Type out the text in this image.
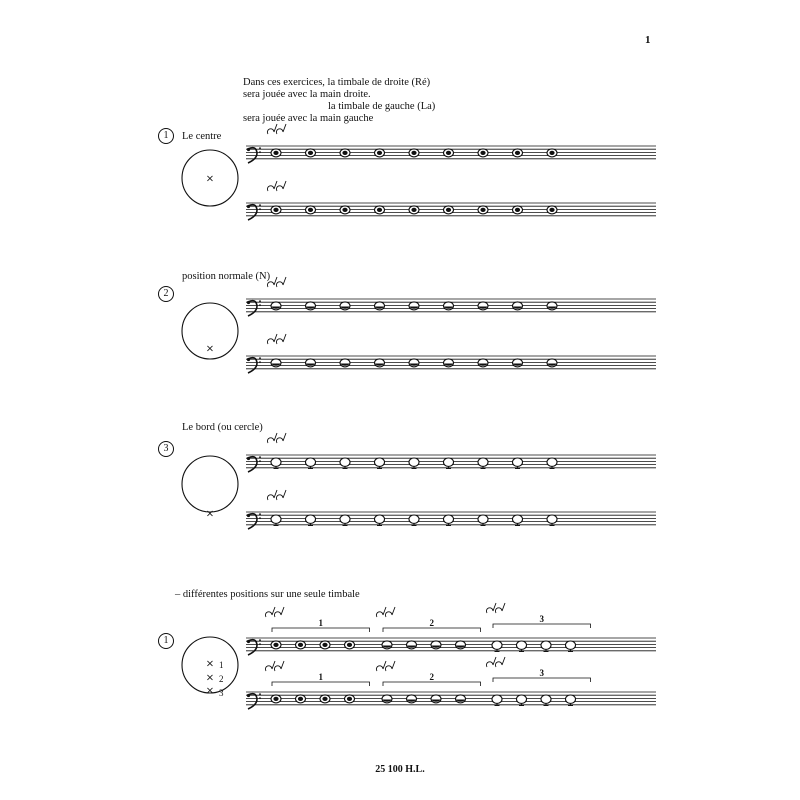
1
Dans ces exercices, la timbale de droite (Ré)
sera jouée avec la main droite.
la timbale de gauche (La)
sera jouée avec la main gauche
1	Le centre
position normale (N)
2
Le bord (ou cercle)
3
– différentes positions sur une seule timbale
1
25 100 H.L.
×
×
×
×
×
×
1
2
3
1	2	3
1	2	3
